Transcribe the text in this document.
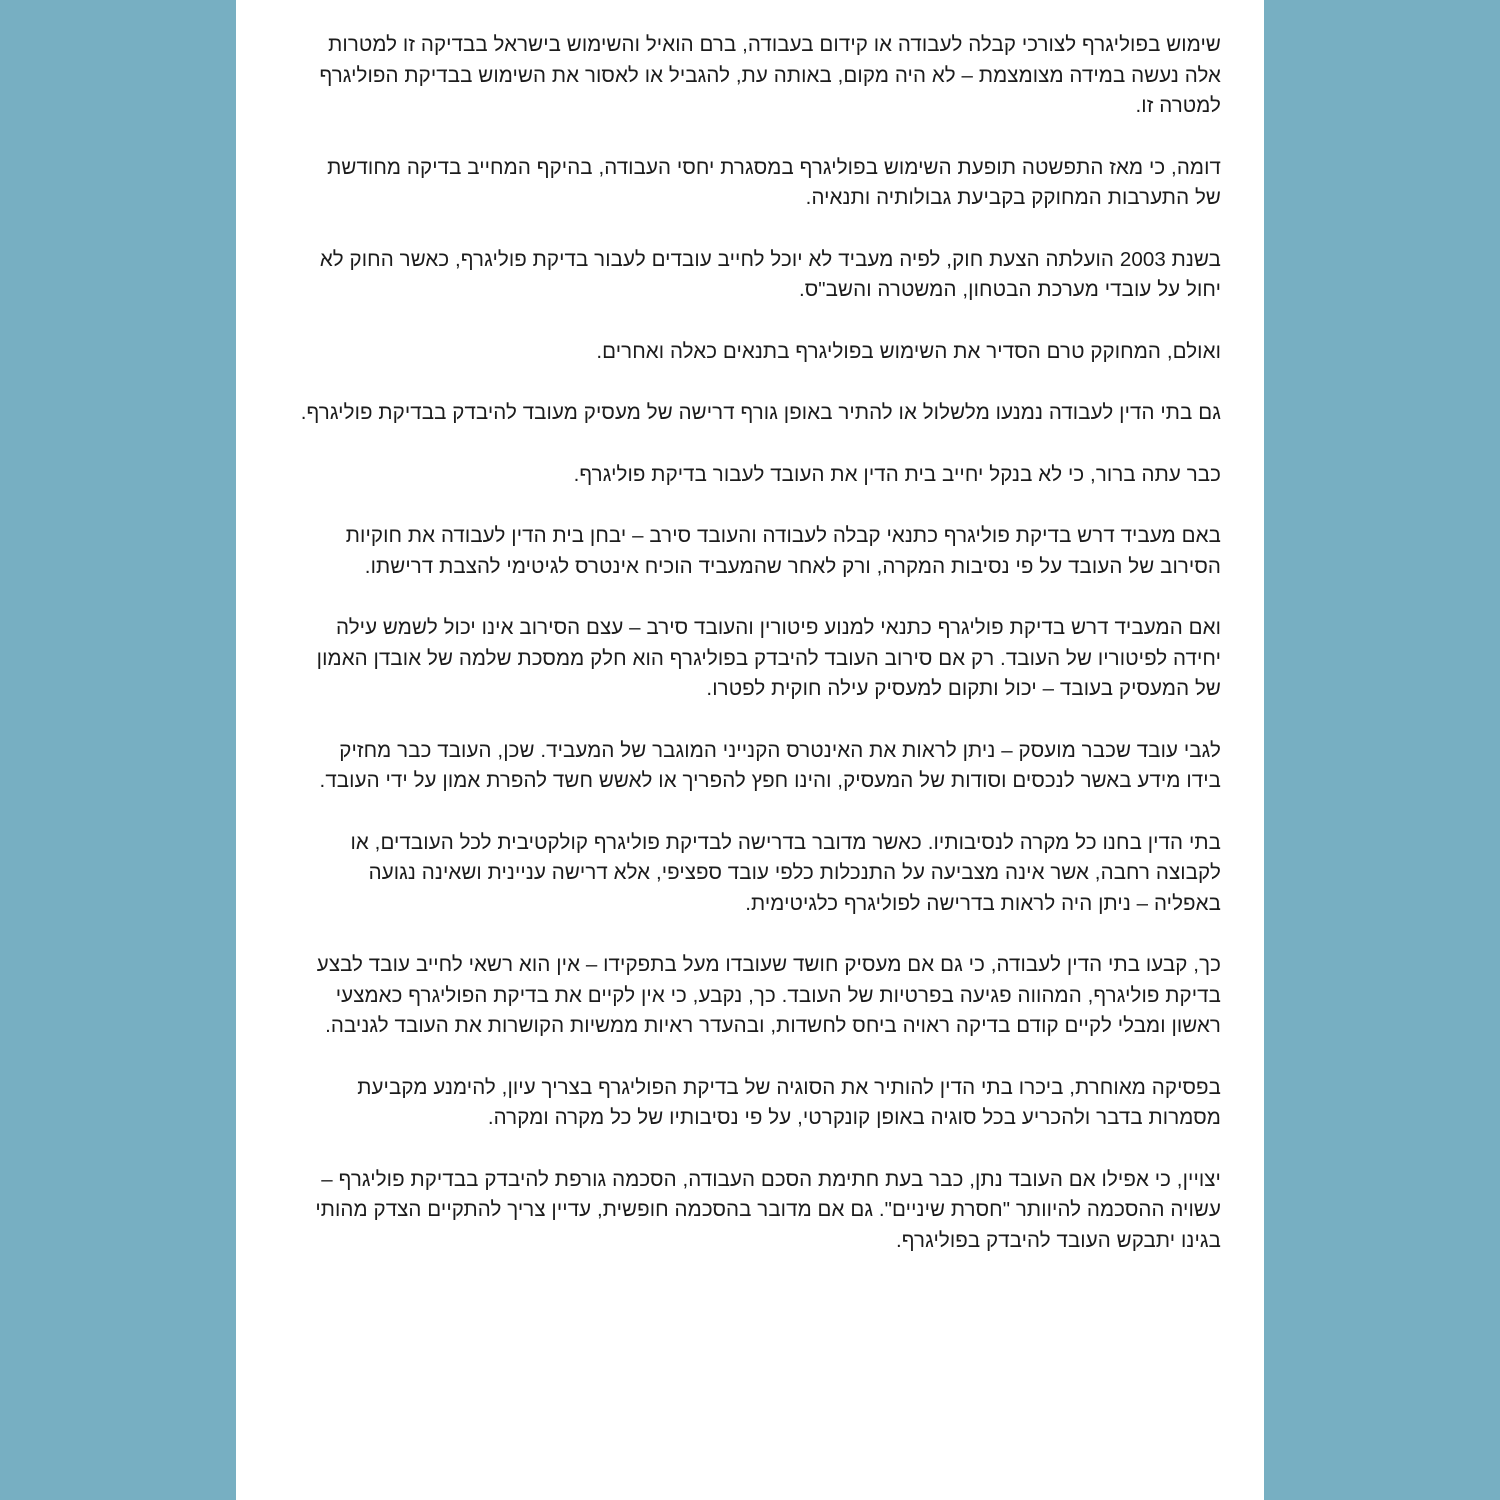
שימוש בפוליגרף לצורכי קבלה לעבודה או קידום בעבודה, ברם הואיל והשימוש בישראל בבדיקה זו למטרות אלה נעשה במידה מצומצמת – לא היה מקום, באותה עת, להגביל או לאסור את השימוש בבדיקת הפוליגרף למטרה זו.

דומה, כי מאז התפשטה תופעת השימוש בפוליגרף במסגרת יחסי העבודה, בהיקף המחייב בדיקה מחודשת של התערבות המחוקק בקביעת גבולותיה ותנאיה.

בשנת 2003 הועלתה הצעת חוק, לפיה מעביד לא יוכל לחייב עובדים לעבור בדיקת פוליגרף, כאשר החוק לא יחול על עובדי מערכת הבטחון, המשטרה והשב"ס.

ואולם, המחוקק טרם הסדיר את השימוש בפוליגרף בתנאים כאלה ואחרים.

גם בתי הדין לעבודה נמנעו מלשלול או להתיר באופן גורף דרישה של מעסיק מעובד להיבדק בבדיקת פוליגרף.

כבר עתה ברור, כי לא בנקל יחייב בית הדין את העובד לעבור בדיקת פוליגרף.

באם מעביד דרש בדיקת פוליגרף כתנאי קבלה לעבודה והעובד סירב – יבחן בית הדין לעבודה את חוקיות הסירוב של העובד על פי נסיבות המקרה, ורק לאחר שהמעביד הוכיח אינטרס לגיטימי להצבת דרישתו.

ואם המעביד דרש בדיקת פוליגרף כתנאי למנוע פיטורין והעובד סירב – עצם הסירוב אינו יכול לשמש עילה יחידה לפיטוריו של העובד. רק אם סירוב העובד להיבדק בפוליגרף הוא חלק ממסכת שלמה של אובדן האמון של המעסיק בעובד – יכול ותקום למעסיק עילה חוקית לפטרו.

לגבי עובד שכבר מועסק – ניתן לראות את האינטרס הקנייני המוגבר של המעביד. שכן, העובד כבר מחזיק בידו מידע באשר לנכסים וסודות של המעסיק, והינו חפץ להפריך או לאשש חשד להפרת אמון על ידי העובד.

בתי הדין בחנו כל מקרה לנסיבותיו. כאשר מדובר בדרישה לבדיקת פוליגרף קולקטיבית לכל העובדים, או לקבוצה רחבה, אשר אינה מצביעה על התנכלות כלפי עובד ספציפי, אלא דרישה עניינית ושאינה נגועה באפליה – ניתן היה לראות בדרישה לפוליגרף כלגיטימית.

כך, קבעו בתי הדין לעבודה, כי גם אם מעסיק חושד שעובדו מעל בתפקידו – אין הוא רשאי לחייב עובד לבצע בדיקת פוליגרף, המהווה פגיעה בפרטיות של העובד. כך, נקבע, כי אין לקיים את בדיקת הפוליגרף כאמצעי ראשון ומבלי לקיים קודם בדיקה ראויה ביחס לחשדות, ובהעדר ראיות ממשיות הקושרות את העובד לגניבה.

בפסיקה מאוחרת, ביכרו בתי הדין להותיר את הסוגיה של בדיקת הפוליגרף בצריך עיון, להימנע מקביעת מסמרות בדבר ולהכריע בכל סוגיה באופן קונקרטי, על פי נסיבותיו של כל מקרה ומקרה.

יצויין, כי אפילו אם העובד נתן, כבר בעת חתימת הסכם העבודה, הסכמה גורפת להיבדק בבדיקת פוליגרף – עשויה ההסכמה להיוותר "חסרת שיניים". גם אם מדובר בהסכמה חופשית, עדיין צריך להתקיים הצדק מהותי בגינו יתבקש העובד להיבדק בפוליגרף.
